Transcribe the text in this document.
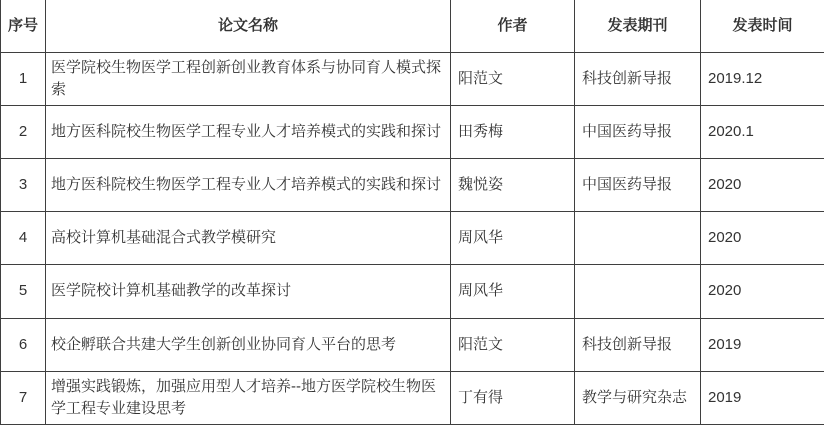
序号	论文名称	作者	发表期刊	发表时间
1	医学院校生物医学工程创新创业教育体系与协同育人模式探索	阳范文	科技创新导报	2019.12
2	地方医科院校生物医学工程专业人才培养模式的实践和探讨	田秀梅	中国医药导报	2020.1
3	地方医科院校生物医学工程专业人才培养模式的实践和探讨	魏悦姿	中国医药导报	2020
4	高校计算机基础混合式教学模研究	周风华		2020
5	医学院校计算机基础教学的改革探讨	周风华		2020
6	校企孵联合共建大学生创新创业协同育人平台的思考	阳范文	科技创新导报	2019
7	增强实践锻炼，加强应用型人才培养--地方医学院校生物医学工程专业建设思考	丁有得	教学与研究杂志	2019
